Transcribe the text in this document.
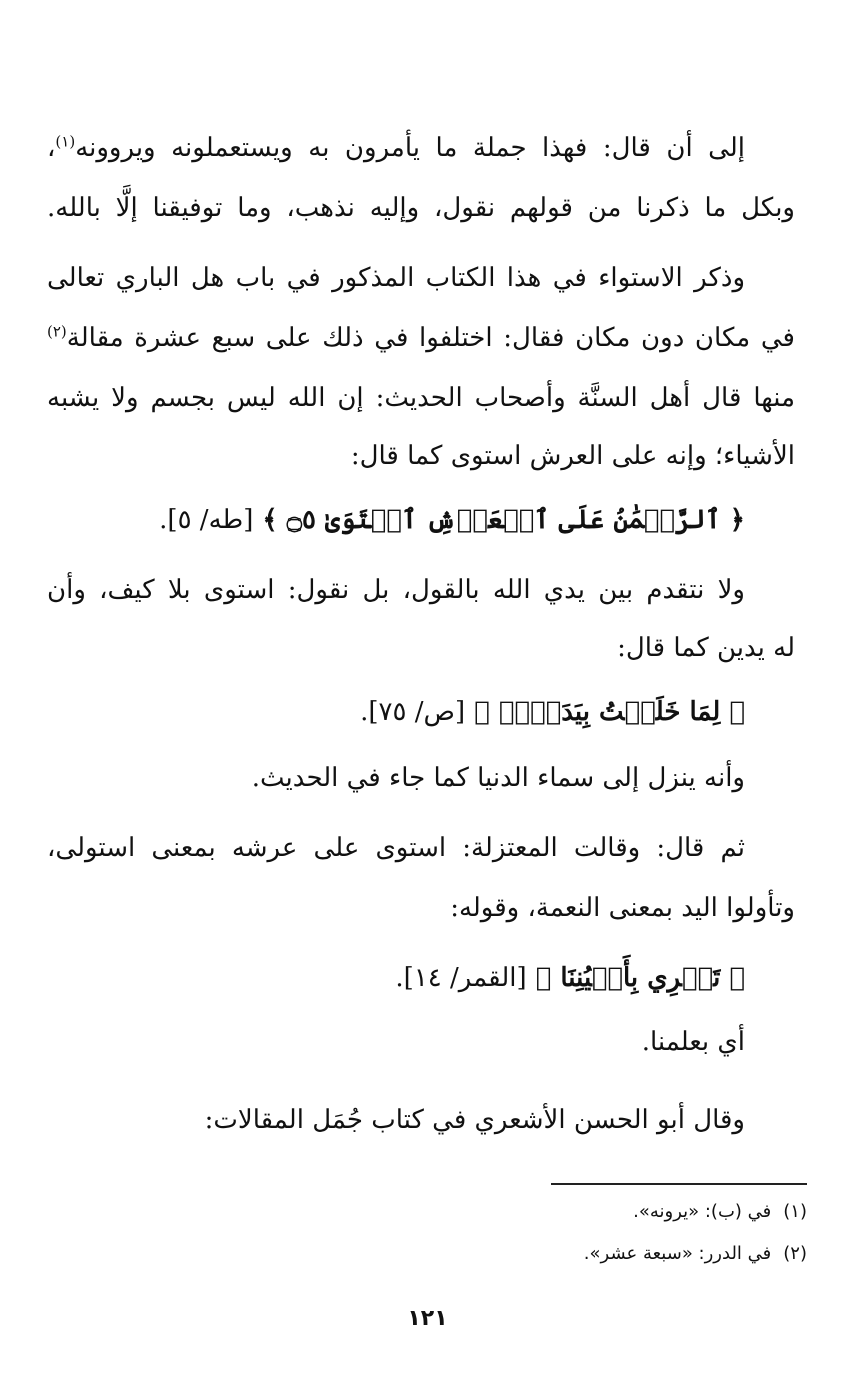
إلى أن قال: فهذا جملة ما يأمرون به ويستعملونه ويروونه$^{(١)}$،
وبكل ما ذكرنا من قولهم نقول، وإليه نذهب، وما توفيقنا إلَّا بالله.
وذكر الاستواء في هذا الكتاب المذكور في باب هل الباري تعالى
في مكان دون مكان فقال: اختلفوا في ذلك على سبع عشرة مقالة$^{(٢)}$
منها قال أهل السنَّة وأصحاب الحديث: إن الله ليس بجسم ولا يشبه
الأشياء؛ وإنه على العرش استوى كما قال:
﴿ ٱلرَّحۡمَٰنُ عَلَى ٱلۡعَرۡشِ ٱسۡتَوَىٰ ۝٥ ﴾ [طه/ ٥].
ولا نتقدم بين يدي الله بالقول، بل نقول: استوى بلا كيف، وأن
له يدين كما قال:
﴿ لِمَا خَلَقۡتُ بِيَدَيَّۖ ﴾ [ص/ ٧٥].
وأنه ينزل إلى سماء الدنيا كما جاء في الحديث.
ثم قال: وقالت المعتزلة: استوى على عرشه بمعنى استولى،
وتأولوا اليد بمعنى النعمة، وقوله:
﴿ تَجۡرِي بِأَعۡيُنِنَا ﴾ [القمر/ ١٤].
أي بعلمنا.
وقال أبو الحسن الأشعري في كتاب جُمَل المقالات:
(١)في (ب): «يرونه».
(٢)في الدرر: «سبعة عشر».
١٢١
